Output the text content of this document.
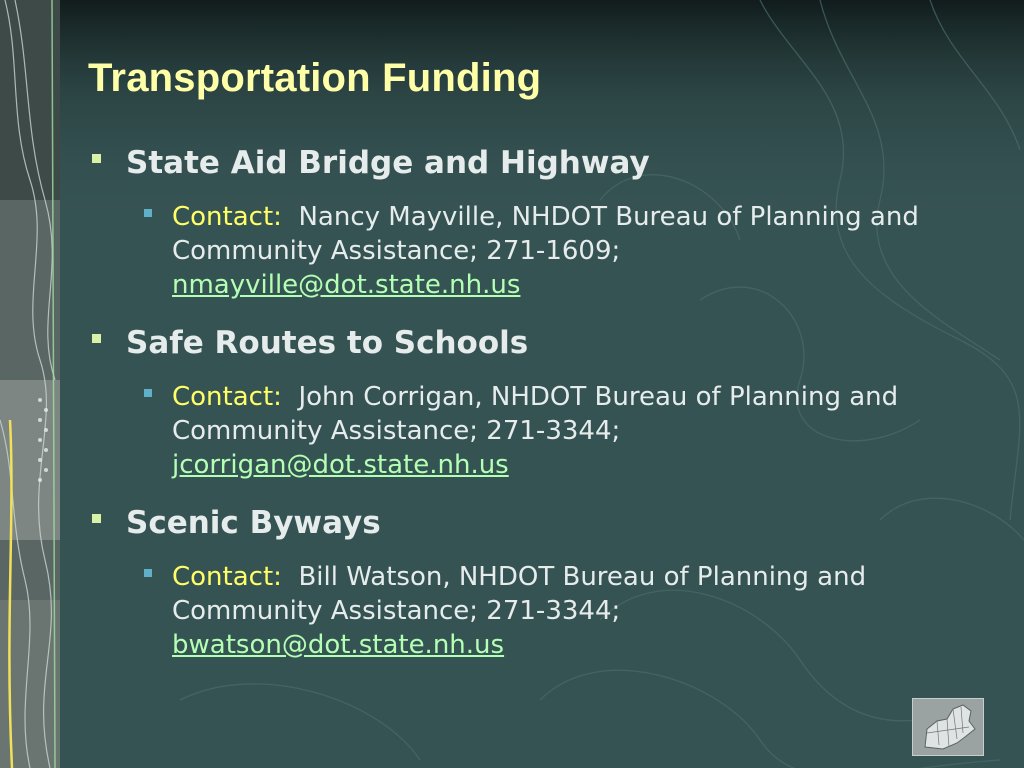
Transportation Funding
State Aid Bridge and Highway
Contact: Nancy Mayville, NHDOT Bureau of Planning and Community Assistance; 271-1609;
nmayville@dot.state.nh.us
Safe Routes to Schools
Contact: John Corrigan, NHDOT Bureau of Planning and Community Assistance; 271-3344;
jcorrigan@dot.state.nh.us
Scenic Byways
Contact: Bill Watson, NHDOT Bureau of Planning and Community Assistance; 271-3344;
bwatson@dot.state.nh.us
